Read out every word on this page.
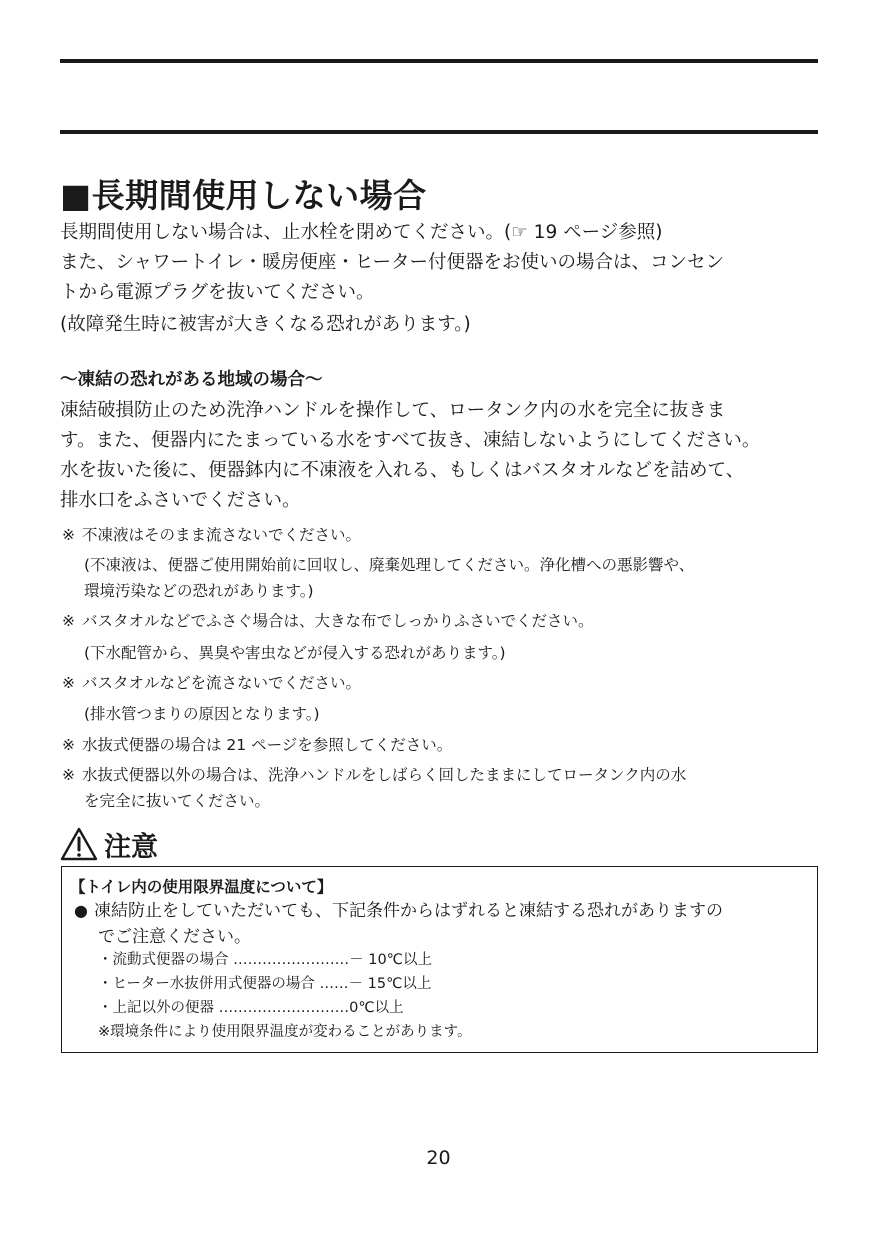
■長期間使用しない場合
長期間使用しない場合は、止水栓を閉めてください。(☞ 19 ページ参照)
また、シャワートイレ・暖房便座・ヒーター付便器をお使いの場合は、コンセン
トから電源プラグを抜いてください。
(故障発生時に被害が大きくなる恐れがあります。)
〜凍結の恐れがある地域の場合〜
凍結破損防止のため洗浄ハンドルを操作して、ロータンク内の水を完全に抜きま
す。また、便器内にたまっている水をすべて抜き、凍結しないようにしてください。
水を抜いた後に、便器鉢内に不凍液を入れる、もしくはバスタオルなどを詰めて、
排水口をふさいでください。
※ 不凍液はそのまま流さないでください。
(不凍液は、便器ご使用開始前に回収し、廃棄処理してください。浄化槽への悪影響や、
環境汚染などの恐れがあります。)
※ バスタオルなどでふさぐ場合は、大きな布でしっかりふさいでください。
(下水配管から、異臭や害虫などが侵入する恐れがあります。)
※ バスタオルなどを流さないでください。
(排水管つまりの原因となります。)
※ 水抜式便器の場合は 21 ページを参照してください。
※ 水抜式便器以外の場合は、洗浄ハンドルをしばらく回したままにしてロータンク内の水
を完全に抜いてください。
注意
【トイレ内の使用限界温度について】
● 凍結防止をしていただいても、下記条件からはずれると凍結する恐れがありますの
でご注意ください。
・流動式便器の場合 ……………………－ 10℃以上
・ヒーター水抜併用式便器の場合 ……－ 15℃以上
・上記以外の便器 ………………………0℃以上
※環境条件により使用限界温度が変わることがあります。
20
